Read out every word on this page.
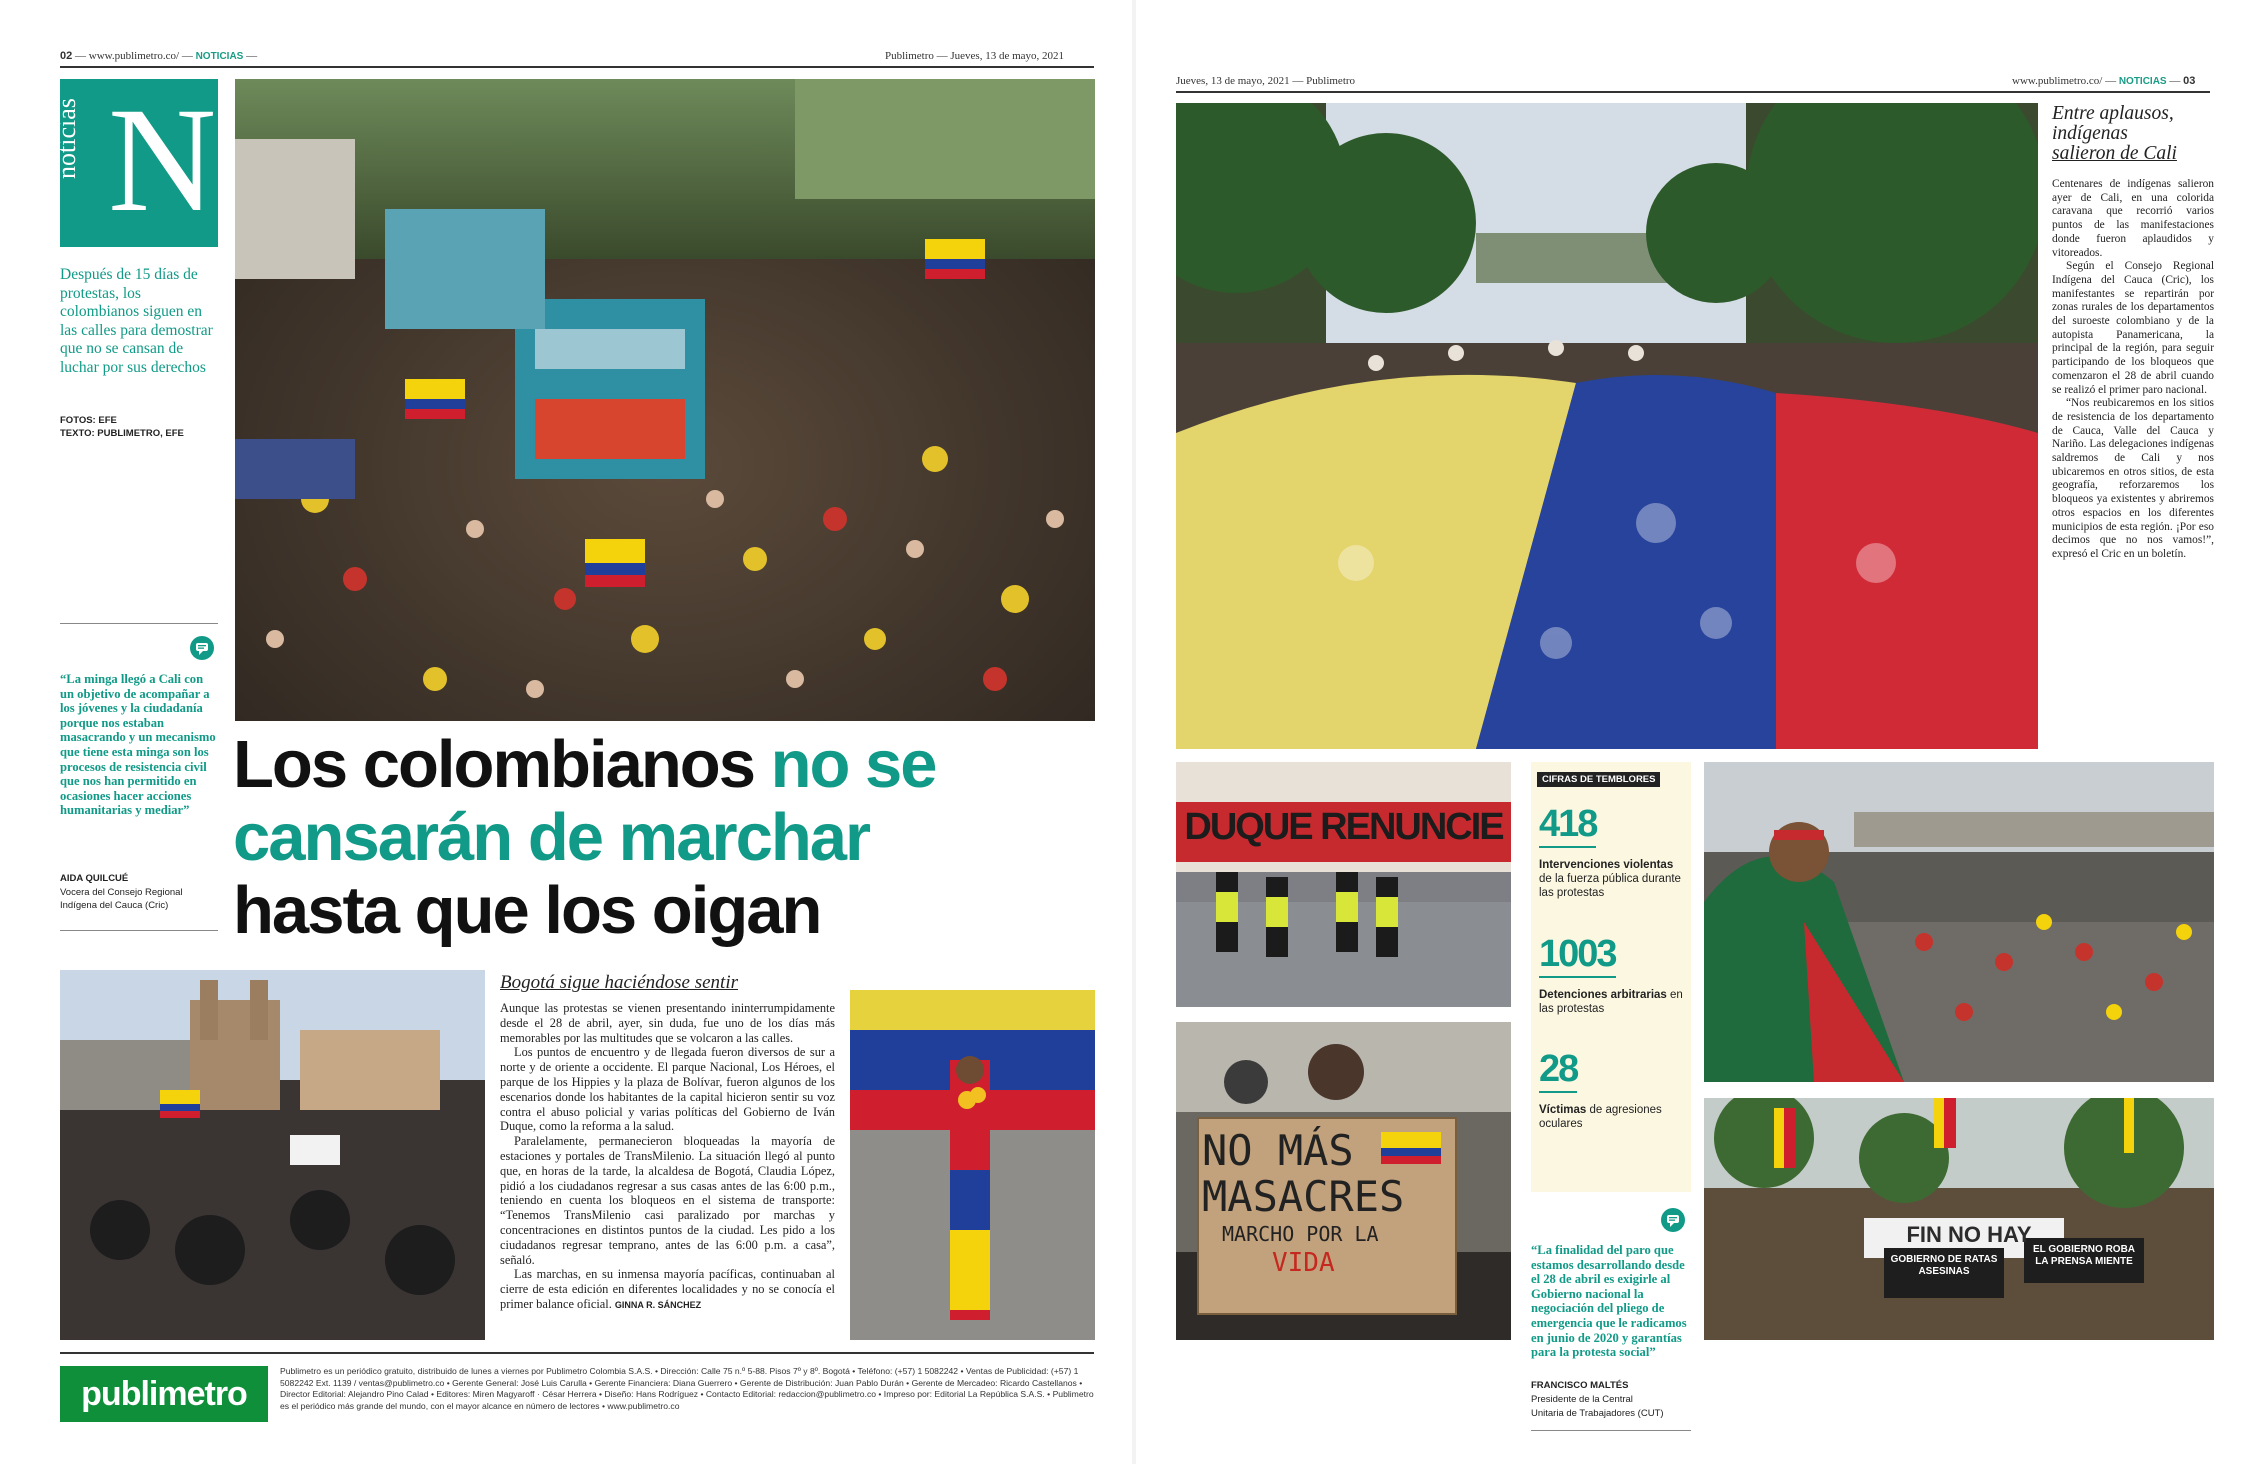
02 — www.publimetro.co/ — NOTICIAS —	Publimetro — Jueves, 13 de mayo, 2021
noticias N
Después de 15 días de protestas, los colombianos siguen en las calles para demostrar que no se cansan de luchar por sus derechos
FOTOS: EFE
TEXTO: PUBLIMETRO, EFE
“La minga llegó a Cali con un objetivo de acompañar a los jóvenes y la ciudadanía porque nos estaban masacrando y un mecanismo que tiene esta minga son los procesos de resistencia civil que nos han permitido en ocasiones hacer acciones humanitarias y mediar”
AIDA QUILCUÉ
Vocera del Consejo Regional
Indígena del Cauca (Cric)
Los colombianos no se
cansarán de marchar
hasta que los oigan
Bogotá sigue haciéndose sentir

Aunque las protestas se vienen presentando ininterrumpidamente desde el 28 de abril, ayer, sin duda, fue uno de los días más memorables por las multitudes que se volcaron a las calles.

Los puntos de encuentro y de llegada fueron diversos de sur a norte y de oriente a occidente. El parque Nacional, Los Héroes, el parque de los Hippies y la plaza de Bolívar, fueron algunos de los escenarios donde los habitantes de la capital hicieron sentir su voz contra el abuso policial y varias políticas del Gobierno de Iván Duque, como la reforma a la salud.

Paralelamente, permanecieron bloqueadas la mayoría de estaciones y portales de TransMilenio. La situación llegó al punto que, en horas de la tarde, la alcaldesa de Bogotá, Claudia López, pidió a los ciudadanos regresar a sus casas antes de las 6:00 p.m., teniendo en cuenta los bloqueos en el sistema de transporte: “Tenemos TransMilenio casi paralizado por marchas y concentraciones en distintos puntos de la ciudad. Les pido a los ciudadanos regresar temprano, antes de las 6:00 p.m. a casa”, señaló.

Las marchas, en su inmensa mayoría pacíficas, continuaban al cierre de esta edición en diferentes localidades y no se conocía el primer balance oficial. GINNA R. SÁNCHEZ

publimetro
Publimetro es un periódico gratuito, distribuido de lunes a viernes por Publimetro Colombia S.A.S. • Dirección: Calle 75 n.º 5-88. Pisos 7º y 8º. Bogotá • Teléfono: (+57) 1 5082242 • Ventas de Publicidad: (+57) 1 5082242 Ext. 1139 / ventas@publimetro.co • Gerente General: José Luis Carulla • Gerente Financiera: Diana Guerrero • Gerente de Distribución: Juan Pablo Durán • Gerente de Mercadeo: Ricardo Castellanos • Director Editorial: Alejandro Pino Calad • Editores: Miren Magyaroff · César Herrera • Diseño: Hans Rodríguez • Contacto Editorial: redaccion@publimetro.co • Impreso por: Editorial La República S.A.S. • Publimetro es el periódico más grande del mundo, con el mayor alcance en número de lectores • www.publimetro.co
Jueves, 13 de mayo, 2021 — Publimetro	www.publimetro.co/ — NOTICIAS — 03
Entre aplausos,
indígenas
salieron de Cali

Centenares de indígenas salieron ayer de Cali, en una colorida caravana que recorrió varios puntos de las manifestaciones donde fueron aplaudidos y vitoreados.

Según el Consejo Regional Indígena del Cauca (Cric), los manifestantes se repartirán por zonas rurales de los departamentos del suroeste colombiano y de la autopista Panamericana, la principal de la región, para seguir participando de los bloqueos que comenzaron el 28 de abril cuando se realizó el primer paro nacional.

“Nos reubicaremos en los sitios de resistencia de los departamento de Cauca, Valle del Cauca y Nariño. Las delegaciones indígenas saldremos de Cali y nos ubicaremos en otros sitios, de esta geografía, reforzaremos los bloqueos ya existentes y abriremos otros espacios en los diferentes municipios de esta región. ¡Por eso decimos que no nos vamos!”, expresó el Cric en un boletín.

DUQUE RENUNCIE
NO MÁS
MASACRES
MARCHO POR LA
VIDA
CIFRAS DE TEMBLORES
418
Intervenciones violentas de la fuerza pública durante las protestas
1003
Detenciones arbitrarias en las protestas
28
Víctimas de agresiones oculares
“La finalidad del paro que estamos desarrollando desde el 28 de abril es exigirle al Gobierno nacional la negociación del pliego de emergencia que le radicamos en junio de 2020 y garantías para la protesta social”
FRANCISCO MALTÉS
Presidente de la Central
Unitaria de Trabajadores (CUT)
FIN NO HAY
GOBIERNO DE RATAS ASESINAS
EL GOBIERNO ROBA LA PRENSA MIENTE
